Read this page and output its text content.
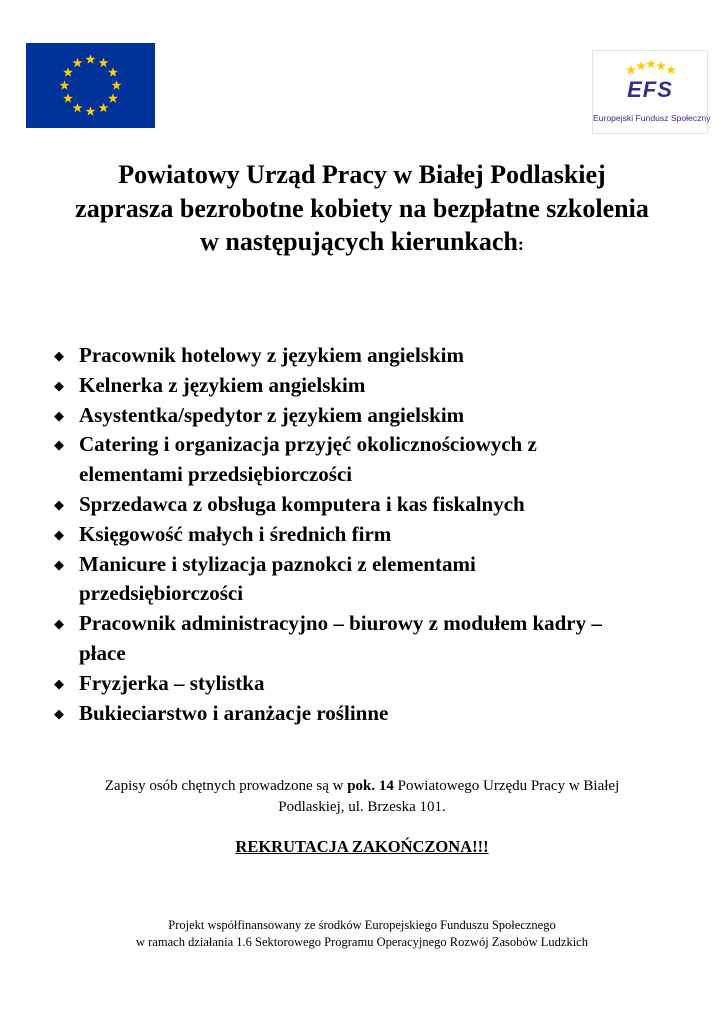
EFS
Europejski Fundusz Społeczny
Powiatowy Urząd Pracy w Białej Podlaskiej
zaprasza bezrobotne kobiety na bezpłatne szkolenia
w następujących kierunkach:
◆ Pracownik hotelowy z językiem angielskim
◆ Kelnerka z językiem angielskim
◆ Asystentka/spedytor z językiem angielskim
◆ Catering i organizacja przyjęć okolicznościowych z
elementami przedsiębiorczości
◆ Sprzedawca z obsługa komputera i kas fiskalnych
◆ Księgowość małych i średnich firm
◆ Manicure i stylizacja paznokci z elementami
przedsiębiorczości
◆ Pracownik administracyjno – biurowy z modułem kadry –
płace
◆ Fryzjerka – stylistka
◆ Bukieciarstwo i aranżacje roślinne

Zapisy osób chętnych prowadzone są w pok. 14 Powiatowego Urzędu Pracy w Białej

Podlaskiej, ul. Brzeska 101.

REKRUTACJA ZAKOŃCZONA!!!
Projekt współfinansowany ze środków Europejskiego Funduszu Społecznego
w ramach działania 1.6 Sektorowego Programu Operacyjnego Rozwój Zasobów Ludzkich
